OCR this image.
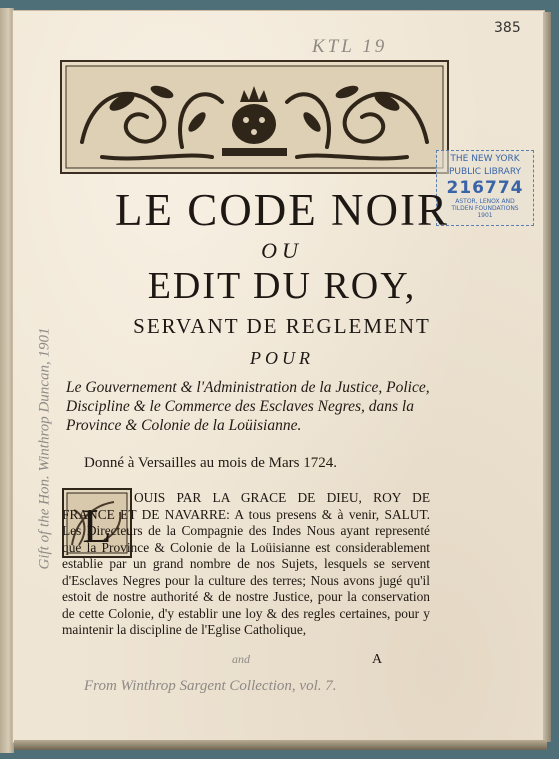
385
KTL 19
THE NEW YORK
PUBLIC LIBRARY
216774
ASTOR, LENOX AND
TILDEN FOUNDATIONS
1901
LE CODE NOIR
OU
EDIT DU ROY,
SERVANT DE REGLEMENT
POUR
Le Gouvernement & l'Administration de la Justice, Police, Discipline & le Commerce des Esclaves Negres, dans la Province & Colonie de la Loüisianne.
Donné à Versailles au mois de Mars 1724.
L
OUIS PAR LA GRACE DE DIEU, ROY DE FRANCE ET DE NAVARRE: A tous presens & à venir, SALUT. Les Directeurs de la Compagnie des Indes Nous ayant representé que la Province & Colonie de la Loüisianne est considerablement establie par un grand nombre de nos Sujets, lesquels se servent d'Esclaves Negres pour la culture des terres; Nous avons jugé qu'il estoit de nostre authorité & de nostre Justice, pour la conservation de cette Colonie, d'y establir une loy & des regles certaines, pour y maintenir la discipline de l'Eglise Catholique,
A
and
From Winthrop Sargent Collection, vol. 7.
Gift of the Hon. Winthrop Duncan, 1901
